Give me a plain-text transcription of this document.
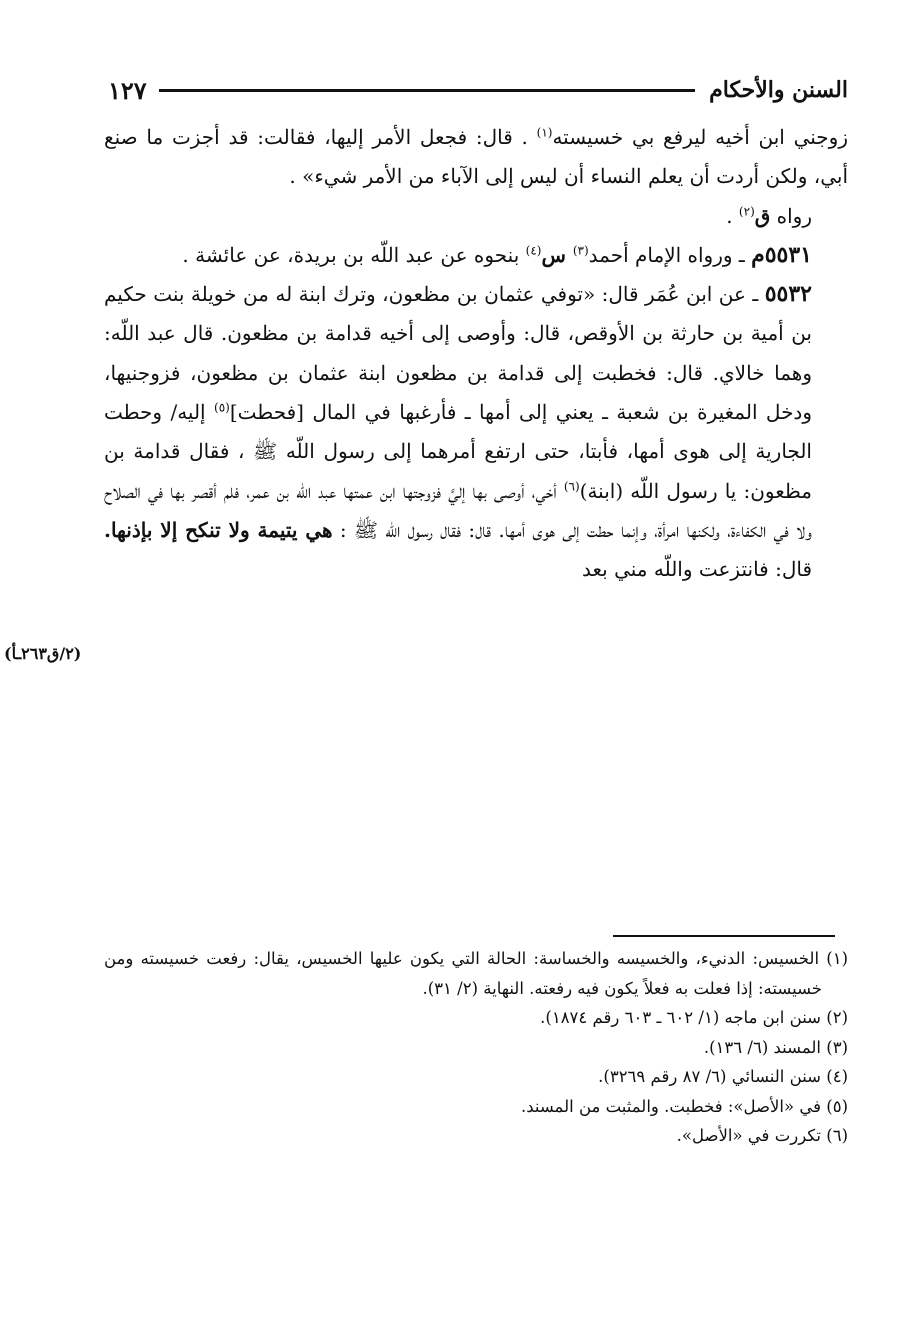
السنن والأحكام
١٢٧

زوجني ابن أخيه ليرفع بي خسيسته$^{(١)}$ . قال: فجعل الأمر إليها، فقالت: قد أجزت ما صنع أبي، ولكن أردت أن يعلم النساء أن ليس إلى الآباء من الأمر شيء» .

رواه ق$^{(٢)}$ .

٥٥٣١م ـ ورواه الإمام أحمد$^{(٣)}$ س$^{(٤)}$ بنحوه عن عبد اللّه بن بريدة، عن عائشة .

٥٥٣٢ ـ عن ابن عُمَر قال: «توفي عثمان بن مظعون، وترك ابنة له من خويلة بنت حكيم بن أمية بن حارثة بن الأوقص، قال: وأوصى إلى أخيه قدامة بن مظعون. قال عبد اللّه: وهما خالاي. قال: فخطبت إلى قدامة بن مظعون ابنة عثمان بن مظعون، فزوجنيها، ودخل المغيرة بن شعبة ـ يعني إلى أمها ـ فأرغبها في المال [فحطت]$^{(٥)}$ إليه/ وحطت الجارية إلى هوى أمها، فأبتا، حتى ارتفع أمرهما إلى رسول اللّه ﷺ ، فقال قدامة بن مظعون: يا رسول اللّه (ابنة)$^{(٦)}$ أخي، أوصى بها إليَّ فزوجتها ابن عمتها عبد اللّه بن عمر، فلم أقصر بها في الصلاح ولا في الكفاءة، ولكنها امرأة، وإنما حطت إلى هوى أمها. قال: فقال رسول اللّه ﷺ : هي يتيمة ولا تنكح إلا بإذنها. قال: فانتزعت واللّه مني بعد

(٢/ق٢٦٣ـأ)
(١) الخسيس: الدنيء، والخسيسه والخساسة: الحالة التي يكون عليها الخسيس، يقال: رفعت خسيسته ومن خسيسته: إذا فعلت به فعلاً يكون فيه رفعته. النهاية (٢/ ٣١).
(٢) سنن ابن ماجه (١/ ٦٠٢ ـ ٦٠٣ رقم ١٨٧٤).
(٣) المسند (٦/ ١٣٦).
(٤) سنن النسائي (٦/ ٨٧ رقم ٣٢٦٩).
(٥) في «الأصل»: فخطبت. والمثبت من المسند.
(٦) تكررت في «الأصل».
